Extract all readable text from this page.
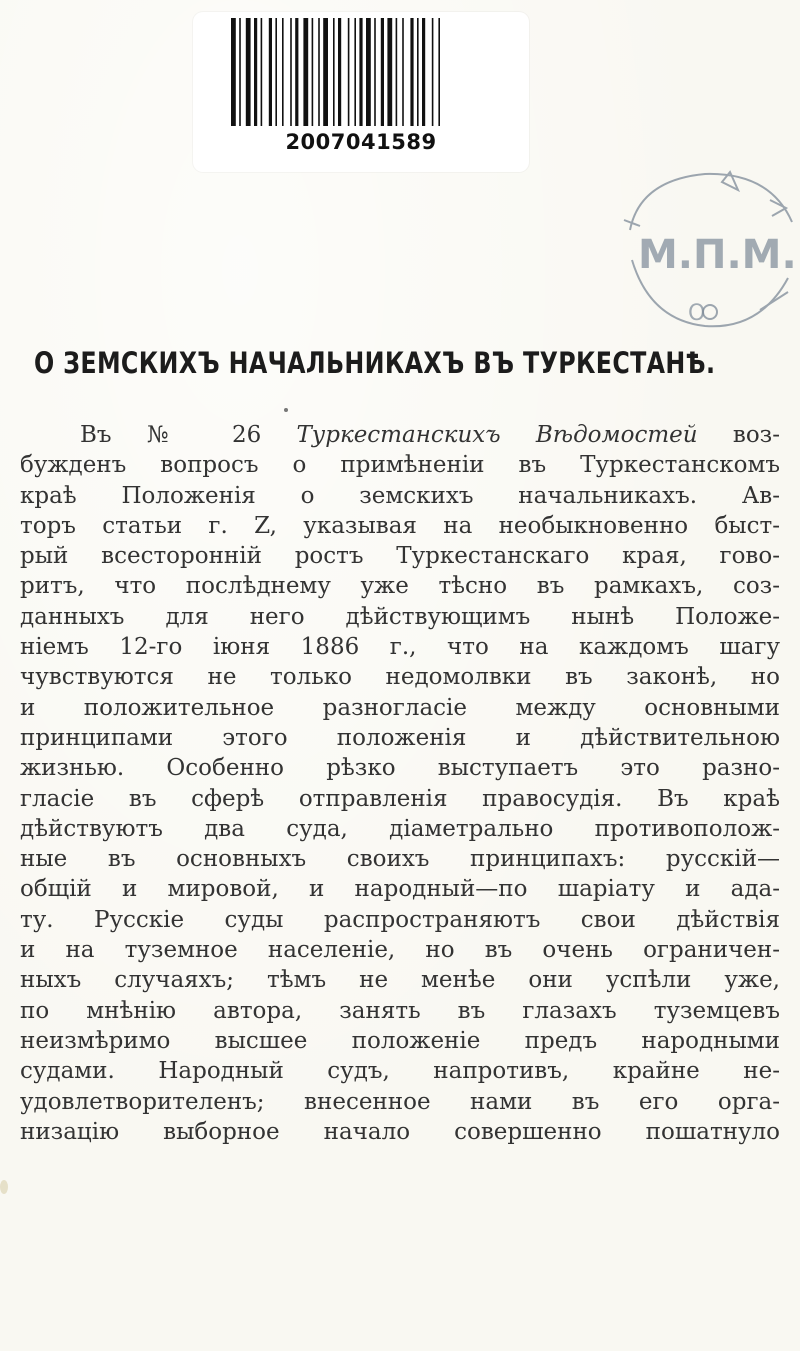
2007041589
М.П.М.
О
О ЗЕМСКИХЪ НАЧАЛЬНИКАХЪ ВЪ ТУРКЕСТАНѢ.
Въ № 26 Туркестанскихъ Вѣдомостей воз-
бужденъ вопросъ о примѣненіи въ Туркестанскомъ
краѣ Положенія о земскихъ начальникахъ. Ав-
торъ статьи г. Z, указывая на необыкновенно быст-
рый всесторонній ростъ Туркестанскаго края, гово-
ритъ, что послѣднему уже тѣсно въ рамкахъ, соз-
данныхъ для него дѣйствующимъ нынѣ Положе-
ніемъ 12-го іюня 1886 г., что на каждомъ шагу
чувствуются не только недомолвки въ законѣ, но
и положительное разногласіе между основными
принципами этого положенія и дѣйствительною
жизнью. Особенно рѣзко выступаетъ это разно-
гласіе въ сферѣ отправленія правосудія. Въ краѣ
дѣйствуютъ два суда, діаметрально противополож-
ные въ основныхъ своихъ принципахъ: русскій—
общій и мировой, и народный—по шаріату и ада-
ту. Русскіе суды распространяютъ свои дѣйствія
и на туземное населеніе, но въ очень ограничен-
ныхъ случаяхъ; тѣмъ не менѣе они успѣли уже,
по мнѣнію автора, занять въ глазахъ туземцевъ
неизмѣримо высшее положеніе предъ народными
судами. Народный судъ, напротивъ, крайне не-
удовлетворителенъ; внесенное нами въ его орга-
низацію выборное начало совершенно пошатнуло
